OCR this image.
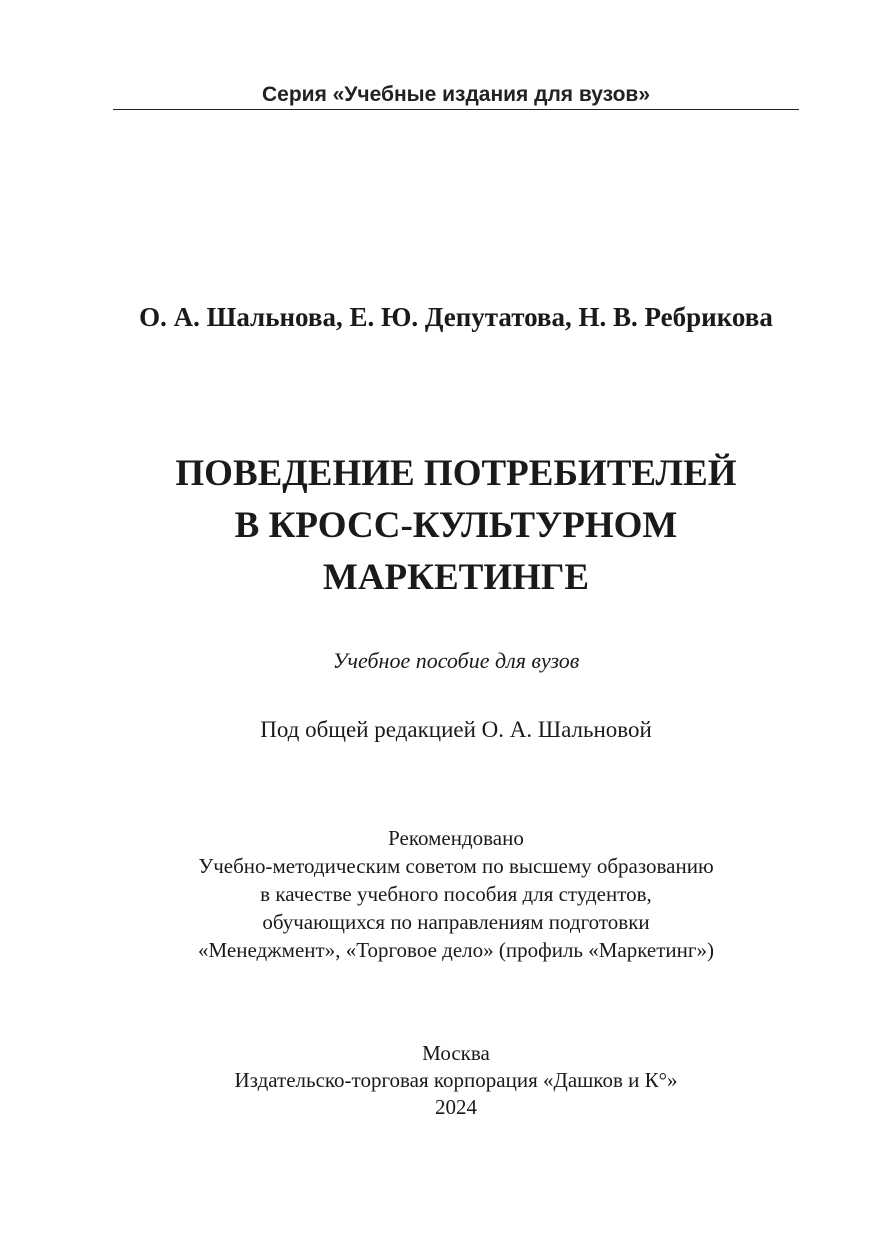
Серия «Учебные издания для вузов»
О. А. Шальнова, Е. Ю. Депутатова, Н. В. Ребрикова
ПОВЕДЕНИЕ ПОТРЕБИТЕЛЕЙ
В КРОСС-КУЛЬТУРНОМ
МАРКЕТИНГЕ
Учебное пособие для вузов
Под общей редакцией О. А. Шальновой
Рекомендовано
Учебно-методическим советом по высшему образованию
в качестве учебного пособия для студентов,
обучающихся по направлениям подготовки
«Менеджмент», «Торговое дело» (профиль «Маркетинг»)
Москва
Издательско-торговая корпорация «Дашков и К°»
2024
